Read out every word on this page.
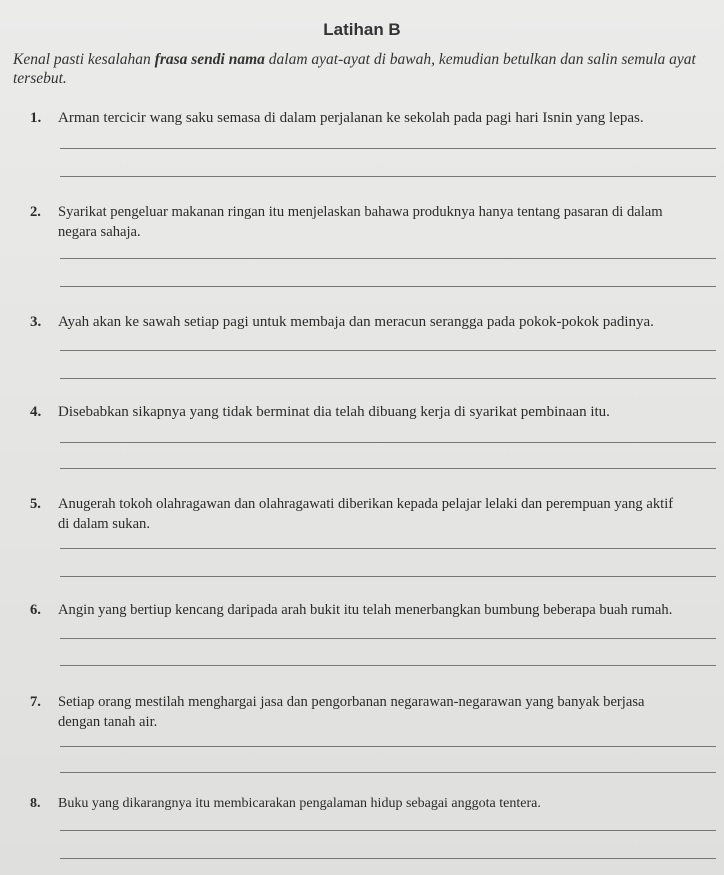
Latihan B
Kenal pasti kesalahan frasa sendi nama dalam ayat-ayat di bawah, kemudian betulkan dan salin semula ayat tersebut.
1. Arman tercicir wang saku semasa di dalam perjalanan ke sekolah pada pagi hari Isnin yang lepas.
2. Syarikat pengeluar makanan ringan itu menjelaskan bahawa produknya hanya tentang pasaran di dalam
negara sahaja.
3. Ayah akan ke sawah setiap pagi untuk membaja dan meracun serangga pada pokok-pokok padinya.
4. Disebabkan sikapnya yang tidak berminat dia telah dibuang kerja di syarikat pembinaan itu.
5. Anugerah tokoh olahragawan dan olahragawati diberikan kepada pelajar lelaki dan perempuan yang aktif
di dalam sukan.
6. Angin yang bertiup kencang daripada arah bukit itu telah menerbangkan bumbung beberapa buah rumah.
7. Setiap orang mestilah menghargai jasa dan pengorbanan negarawan-negarawan yang banyak berjasa
dengan tanah air.
8. Buku yang dikarangnya itu membicarakan pengalaman hidup sebagai anggota tentera.
